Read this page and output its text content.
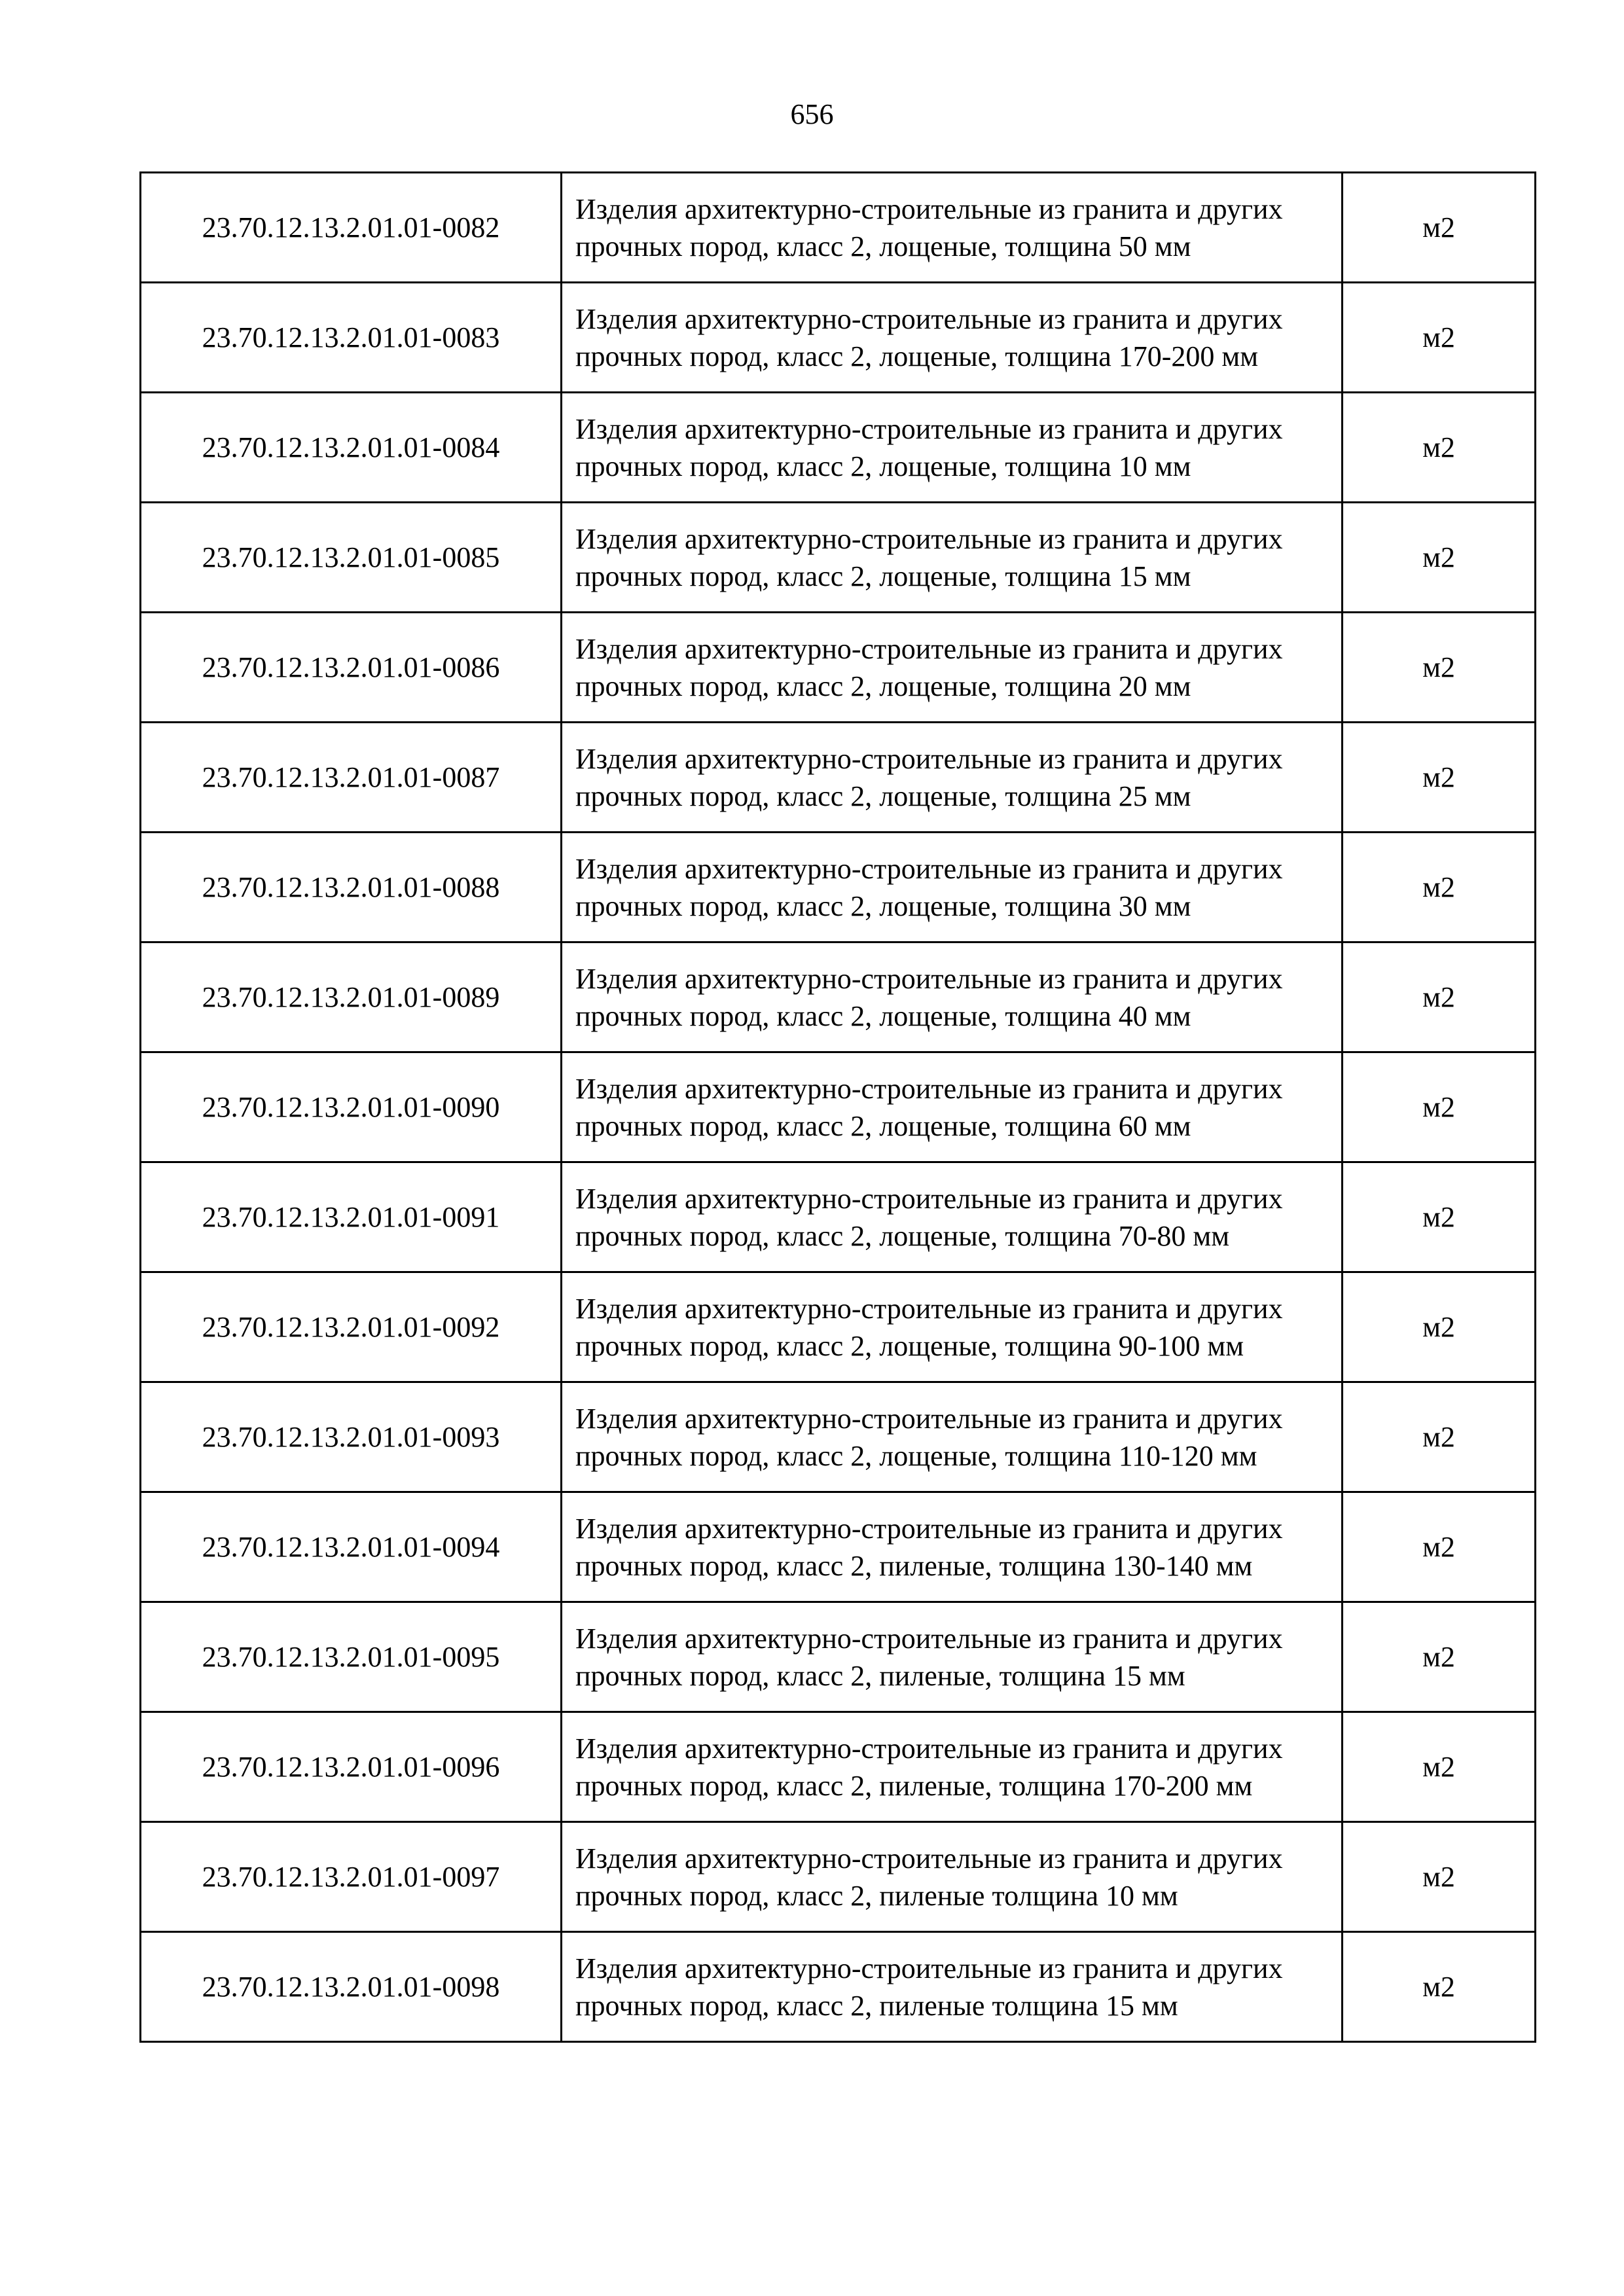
656
23.70.12.13.2.01.01-0082	Изделия архитектурно-строительные из гранита и других прочных пород, класс 2, лощеные, толщина 50 мм	м2
23.70.12.13.2.01.01-0083	Изделия архитектурно-строительные из гранита и других прочных пород, класс 2, лощеные, толщина 170-200 мм	м2
23.70.12.13.2.01.01-0084	Изделия архитектурно-строительные из гранита и других прочных пород, класс 2, лощеные, толщина 10 мм	м2
23.70.12.13.2.01.01-0085	Изделия архитектурно-строительные из гранита и других прочных пород, класс 2, лощеные, толщина 15 мм	м2
23.70.12.13.2.01.01-0086	Изделия архитектурно-строительные из гранита и других прочных пород, класс 2, лощеные, толщина 20 мм	м2
23.70.12.13.2.01.01-0087	Изделия архитектурно-строительные из гранита и других прочных пород, класс 2, лощеные, толщина 25 мм	м2
23.70.12.13.2.01.01-0088	Изделия архитектурно-строительные из гранита и других прочных пород, класс 2, лощеные, толщина 30 мм	м2
23.70.12.13.2.01.01-0089	Изделия архитектурно-строительные из гранита и других прочных пород, класс 2, лощеные, толщина 40 мм	м2
23.70.12.13.2.01.01-0090	Изделия архитектурно-строительные из гранита и других прочных пород, класс 2, лощеные, толщина 60 мм	м2
23.70.12.13.2.01.01-0091	Изделия архитектурно-строительные из гранита и других прочных пород, класс 2, лощеные, толщина 70-80 мм	м2
23.70.12.13.2.01.01-0092	Изделия архитектурно-строительные из гранита и других прочных пород, класс 2, лощеные, толщина 90-100 мм	м2
23.70.12.13.2.01.01-0093	Изделия архитектурно-строительные из гранита и других прочных пород, класс 2, лощеные, толщина 110-120 мм	м2
23.70.12.13.2.01.01-0094	Изделия архитектурно-строительные из гранита и других прочных пород, класс 2, пиленые, толщина 130-140 мм	м2
23.70.12.13.2.01.01-0095	Изделия архитектурно-строительные из гранита и других прочных пород, класс 2, пиленые, толщина 15 мм	м2
23.70.12.13.2.01.01-0096	Изделия архитектурно-строительные из гранита и других прочных пород, класс 2, пиленые, толщина 170-200 мм	м2
23.70.12.13.2.01.01-0097	Изделия архитектурно-строительные из гранита и других прочных пород, класс 2, пиленые толщина 10 мм	м2
23.70.12.13.2.01.01-0098	Изделия архитектурно-строительные из гранита и других прочных пород, класс 2, пиленые толщина 15 мм	м2
